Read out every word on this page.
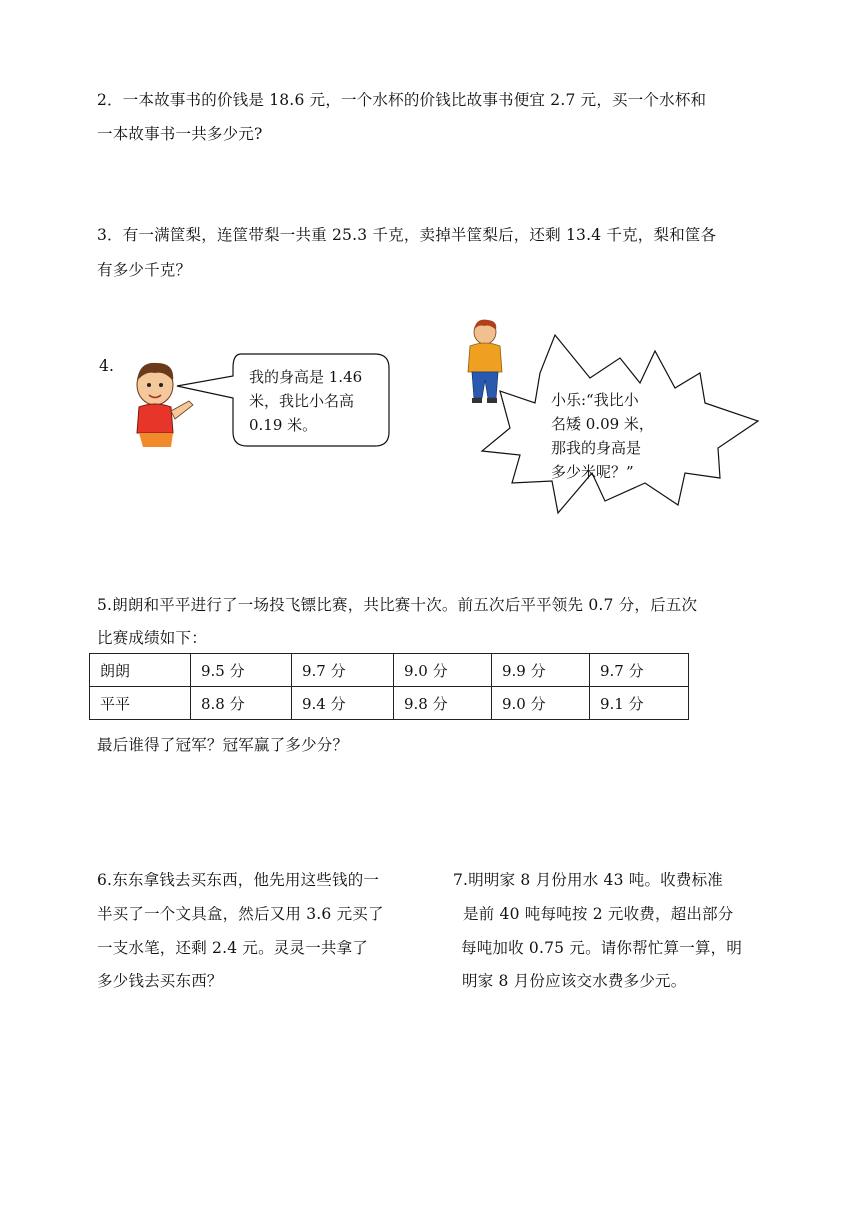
2．一本故事书的价钱是 18.6 元，一个水杯的价钱比故事书便宜 2.7 元，买一个水杯和
一本故事书一共多少元?
3．有一满筐梨，连筐带梨一共重 25.3 千克，卖掉半筐梨后，还剩 13.4 千克，梨和筐各
有多少千克？
4.
我的身高是 1.46
米，我比小名高
0.19 米。
小乐:“我比小
名矮 0.09 米，
那我的身高是
多少米呢？”
5.朗朗和平平进行了一场投飞镖比赛，共比赛十次。前五次后平平领先 0.7 分，后五次
比赛成绩如下：
朗朗	9.5 分	9.7 分	9.0 分	9.9 分	9.7 分
平平	8.8 分	9.4 分	9.8 分	9.0 分	9.1 分
最后谁得了冠军？冠军赢了多少分？
6.东东拿钱去买东西，他先用这些钱的一
半买了一个文具盒，然后又用 3.6 元买了
一支水笔，还剩 2.4 元。灵灵一共拿了
多少钱去买东西？
7.明明家 8 月份用水 43 吨。收费标准
是前 40 吨每吨按 2 元收费，超出部分
每吨加收 0.75 元。请你帮忙算一算，明
明家 8 月份应该交水费多少元。
